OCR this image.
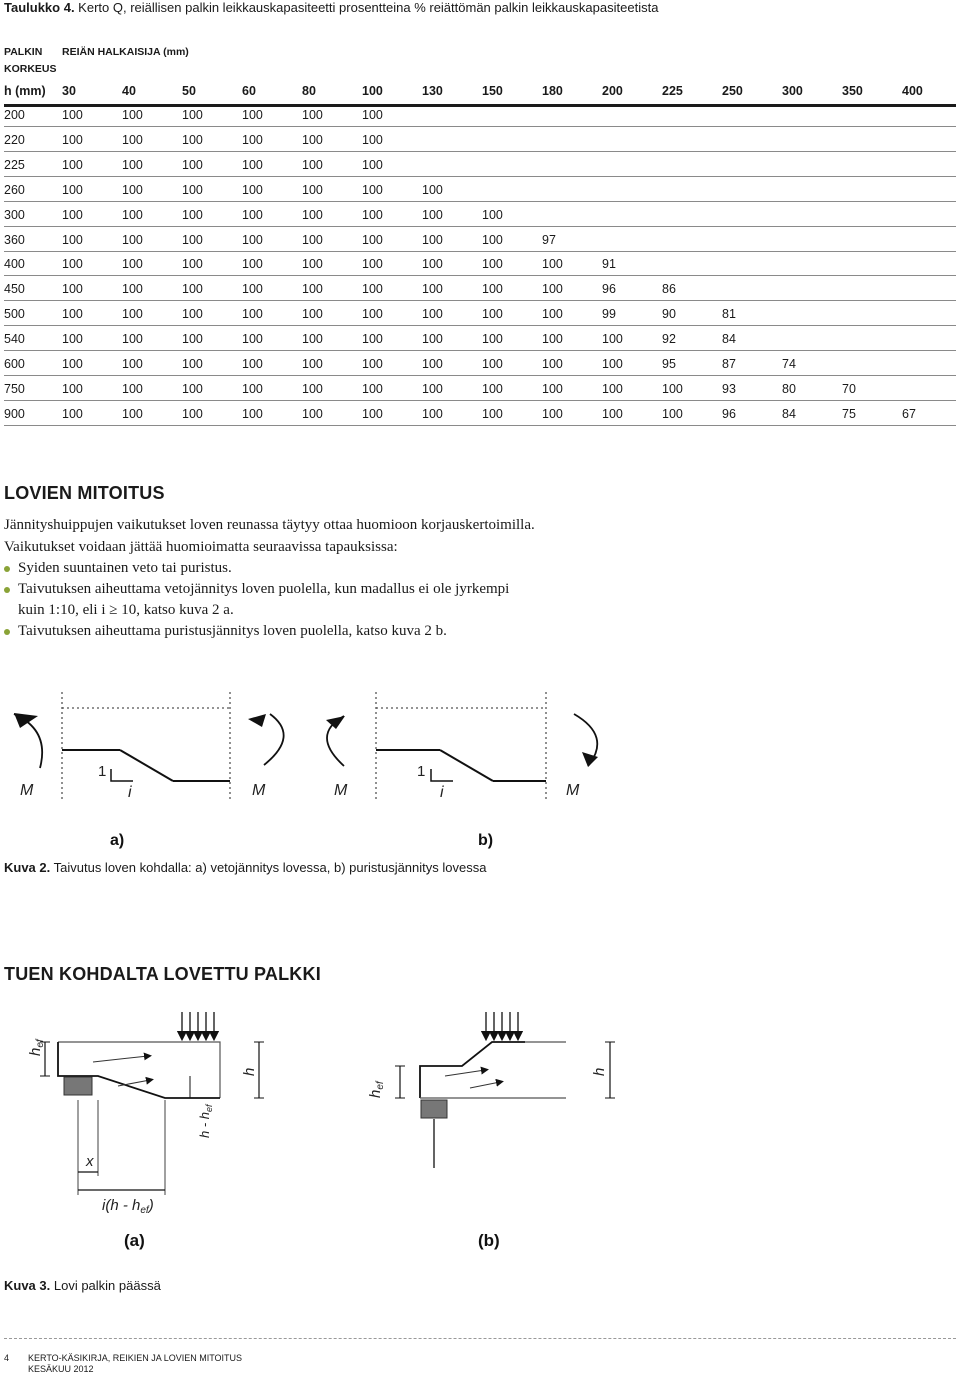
Taulukko 4. Kerto Q, reiällisen palkin leikkauskapasiteetti prosentteina % reiättömän palkin leikkauskapasiteetista
PALKIN
KORKEUS
REIÄN HALKAISIJA (mm)
h (mm) 30	40	50	60	80	100	130	150	180	200	225	250	300	350	400
200	100	100	100	100	100	100
220	100	100	100	100	100	100
225	100	100	100	100	100	100
260	100	100	100	100	100	100	100
300	100	100	100	100	100	100	100	100
360	100	100	100	100	100	100	100	100	97
400	100	100	100	100	100	100	100	100	100	91
450	100	100	100	100	100	100	100	100	100	96	86
500	100	100	100	100	100	100	100	100	100	99	90	81
540	100	100	100	100	100	100	100	100	100	100	92	84
600	100	100	100	100	100	100	100	100	100	100	95	87	74
750	100	100	100	100	100	100	100	100	100	100	100	93	80	70
900	100	100	100	100	100	100	100	100	100	100	100	96	84	75	67
LOVIEN MITOITUS
Jännityshuippujen vaikutukset loven reunassa täytyy ottaa huomioon korjauskertoimilla.
Vaikutukset voidaan jättää huomioimatta seuraavissa tapauksissa:
Syiden suuntainen veto tai puristus.
Taivutuksen aiheuttama vetojännitys loven puolella, kun madallus ei ole jyrkempi
kuin 1:10, eli i ≥ 10, katso kuva 2 a.
Taivutuksen aiheuttama puristusjännitys loven puolella, katso kuva 2 b.
M
1
i	M	M
1
i	M
a)	b)
Kuva 2. Taivutus loven kohdalla: a) vetojännitys lovessa, b) puristusjännitys lovessa
TUEN KOHDALTA LOVETTU PALKKI
$h_{ef}$
h
h - $h_{ef}$
x
$i(h - h_{ef})$
$h_{ef}$
h
(a)	(b)
Kuva 3. Lovi palkin päässä
4 KERTO-KÄSIKIRJA, REIKIEN JA LOVIEN MITOITUS
KESÄKUU 2012
